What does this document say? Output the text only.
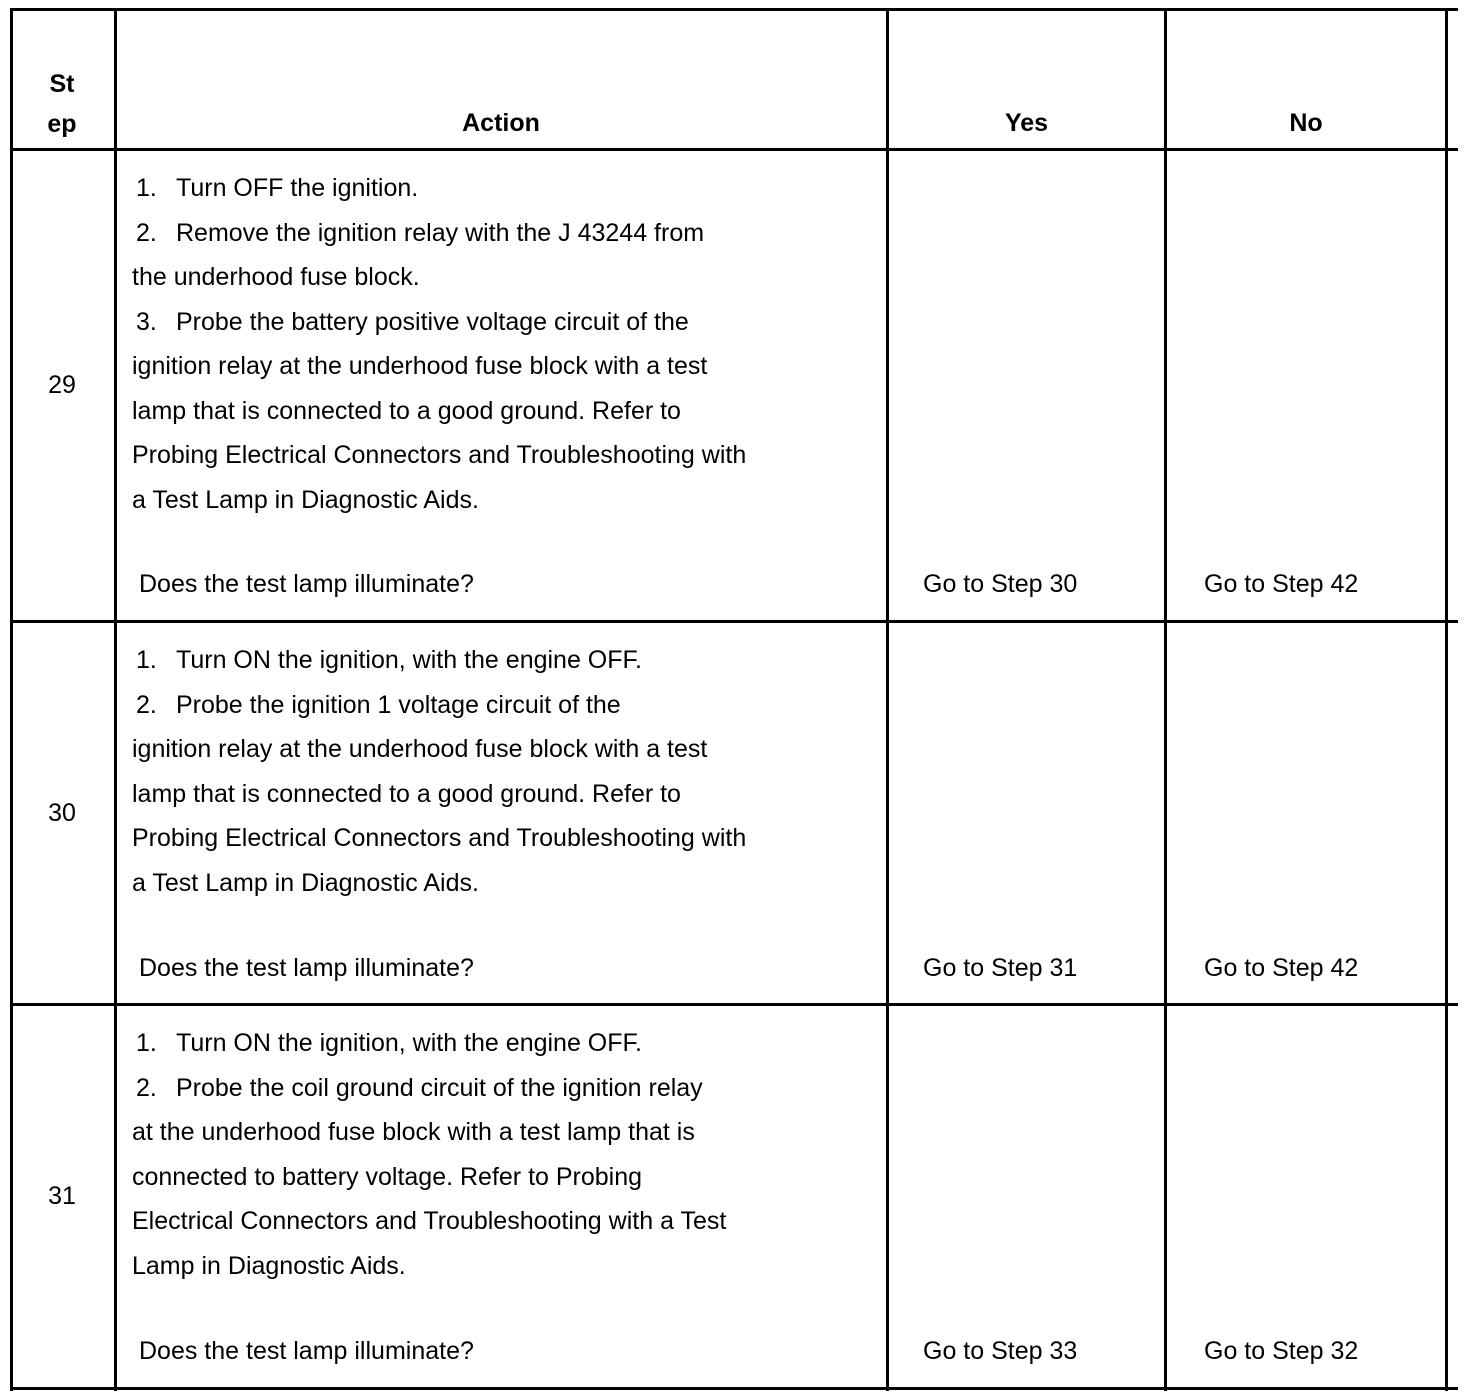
St
ep	Action	Yes	No
29
1. Turn OFF the ignition.
2. Remove the ignition relay with the J 43244 from
the underhood fuse block.
3. Probe the battery positive voltage circuit of the
ignition relay at the underhood fuse block with a test
lamp that is connected to a good ground. Refer to
Probing Electrical Connectors and Troubleshooting with
a Test Lamp in Diagnostic Aids.
Does the test lamp illuminate?	Go to Step 30	Go to Step 42
30
1. Turn ON the ignition, with the engine OFF.
2. Probe the ignition 1 voltage circuit of the
ignition relay at the underhood fuse block with a test
lamp that is connected to a good ground. Refer to
Probing Electrical Connectors and Troubleshooting with
a Test Lamp in Diagnostic Aids.
Does the test lamp illuminate?	Go to Step 31	Go to Step 42
31
1. Turn ON the ignition, with the engine OFF.
2. Probe the coil ground circuit of the ignition relay
at the underhood fuse block with a test lamp that is
connected to battery voltage. Refer to Probing
Electrical Connectors and Troubleshooting with a Test
Lamp in Diagnostic Aids.
Does the test lamp illuminate?	Go to Step 33	Go to Step 32
